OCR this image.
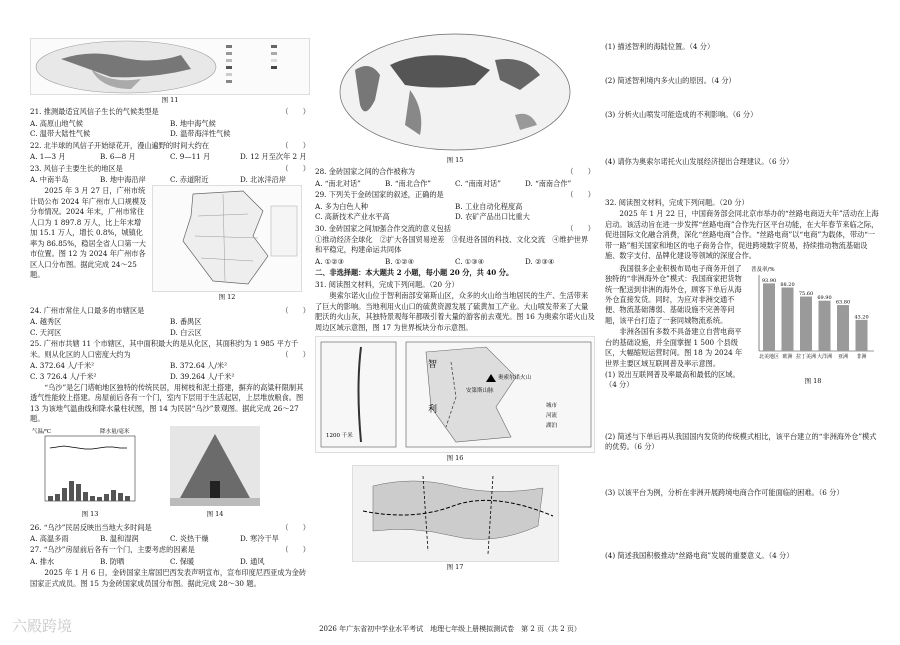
图 11
21. 推测最适宜风信子生长的气候类型是	（　　）
A. 高原山地气候	B. 地中海气候
C. 温带大陆性气候	D. 温带海洋性气候
22. 北半球的风信子开始绿花开，漫山遍野的时间大约在	（　　）
A. 1—3 月	B. 6—8 月	C. 9—11 月	D. 12 月至次年 2 月
23. 风信子主要生长的地区是	（　　）
A. 中南半岛	B. 地中海沿岸	C. 赤道附近	D. 北冰洋沿岸
2025 年 3 月 27 日，广州市统计局公布 2024 年广州市人口规模及分布情况。2024 年末，广州市常住人口为 1 897.8 万人，比上年末增加 15.1 万人，增长 0.8%，城镇化率为 86.85%，稳居全省人口第一大市位置。图 12 为 2024 年广州市各区人口分布图。据此完成 24～25 题。
图 12
24. 广州市常住人口最多的市辖区是	（　　）
A. 越秀区	B. 番禺区
C. 天河区	D. 白云区
25. 广州市共辖 11 个市辖区，其中面积最大的是从化区，其面积约为 1 985 平方千米。则从化区的人口密度大约为	（　　）
A. 372.64 人/千米²	B. 372.64 人/米²
C. 3 726.4 人/千米²	D. 39.264 人/千米²
“乌沙”是乞门塔帕地区独特的传统民居，用树枝和泥土搭建，摒弃的高粱秆限制其透气性能较上搭建。房屋前后各有一个门，室内下层用于生活起居，上层堆放粮食。图 13 为该地气温曲线和降水量柱状图，图 14 为民居“乌沙”景观图。据此完成 26～27 题。
气温/℃	降水量/毫米
图 13	图 14
26. “乌沙”民居反映出当地大多时间是	（　　）
A. 高温多雨	B. 温和湿润	C. 炎热干燥	D. 寒冷干旱
27. “乌沙”房屋前后各有一个门，主要考虑的因素是	（　　）
A. 排水	B. 防晒	C. 保暖	D. 通风
2025 年 1 月 6 日，金砖国家主席国巴西发表声明宣布，宣布印度尼西亚成为金砖国家正式成员。图 15 为金砖国家成员国分布图。据此完成 28～30 题。
图 15
28. 金砖国家之间的合作被称为	（　　）
A. “南北对话”	B. “南北合作”	C. “南南对话”	D. “南南合作”
29. 下列关于金砖国家的叙述，正确的是	（　　）
A. 多为白色人种	B. 工业自动化程度高
C. 高新技术产业水平高	D. 农矿产品出口比重大
30. 金砖国家之间加强合作交流的意义包括	（　　）
①推动经济全球化　②扩大各国贸易逆差　③促进各国的科技、文化交流　④维护世界和平稳定，构建命运共同体
A. ①②③	B. ①②④	C. ①③④	D. ②③④
二、非选择题：本大题共 2 小题，每小题 20 分，共 40 分。
31. 阅读图文材料，完成下列问题。（20 分）
奥索尔诺火山位于智利南部安第斯山区，众多的火山给当地居民的生产、生活带来了巨大的影响。当地利用火山口的硫黄资源发展了硫黄加工产业。大山喷发带来了大量肥沃的火山灰，其独特景观每年都吸引着大量的游客前去观光。图 16 为奥索尔诺火山及周边区域示意图，图 17 为世界板块分布示意图。
智
利
奥索尔诺火山
城市
河流
湖泊
安第斯山脉
1200 千米
图 16
图 17
(1) 描述智利的海陆位置。（4 分）
(2) 简述智利境内多火山的原因。（4 分）
(3) 分析火山喷发可能造成的不利影响。（6 分）
(4) 请你为奥索尔诺托火山发展经济提出合理建议。（6 分）
32. 阅读图文材料，完成下列问题。（20 分）
2025 年 1 月 22 日，中国商务部会同北京市举办的“丝路电商迈大年”活动在上海启动。该活动旨在进一步发挥“丝路电商”合作先行区平台功能，在大年春节来临之际，促进国际文化融合消费，深化“丝路电商”合作。“丝路电商”以“电商”为载体，带动“一带一路”相关国家和地区的电子商务合作，促进跨境数字贸易，持续推动物流基础设施、数字支付、品牌化建设等领域的深度合作。
我国很多企业积极布局电子商务开创了独特的“非洲海外仓”模式：我国商家把货物统一配送到非洲的海外仓，顾客下单后从海外仓直接发货。同时，为应对非洲交通不便、物流基础薄弱、基础设施不完善等问题，该平台打造了一套同城物流系统。
非洲各国有多数不具备建立自营电商平台的基础设施，并全面掌握 1 500 个县级区，大幅缩短运营时间。图 18 为 2024 年世界主要区域互联网普及率示意图。
(1) 说出互联网普及率最高和最低的区域。（4 分）
普及率/%
93.90
北美地区
88.20
欧洲
75.60
拉丁美洲
69.90
大洋洲
63.80
亚洲
43.20
非洲
图 18
(2) 简述与下单后再从我国国内发货的传统模式相比，该平台建立的“非洲海外仓”模式的优势。（6 分）
(3) 以该平台为例，分析在非洲开展跨境电商合作可能面临的困难。（6 分）
(4) 简述我国积极推动“丝路电商”发展的重要意义。（4 分）
2026 年广东省初中学业水平考试　地理七年级上册模拟测试卷　第 2 页（共 2 页）
六殿跨境
